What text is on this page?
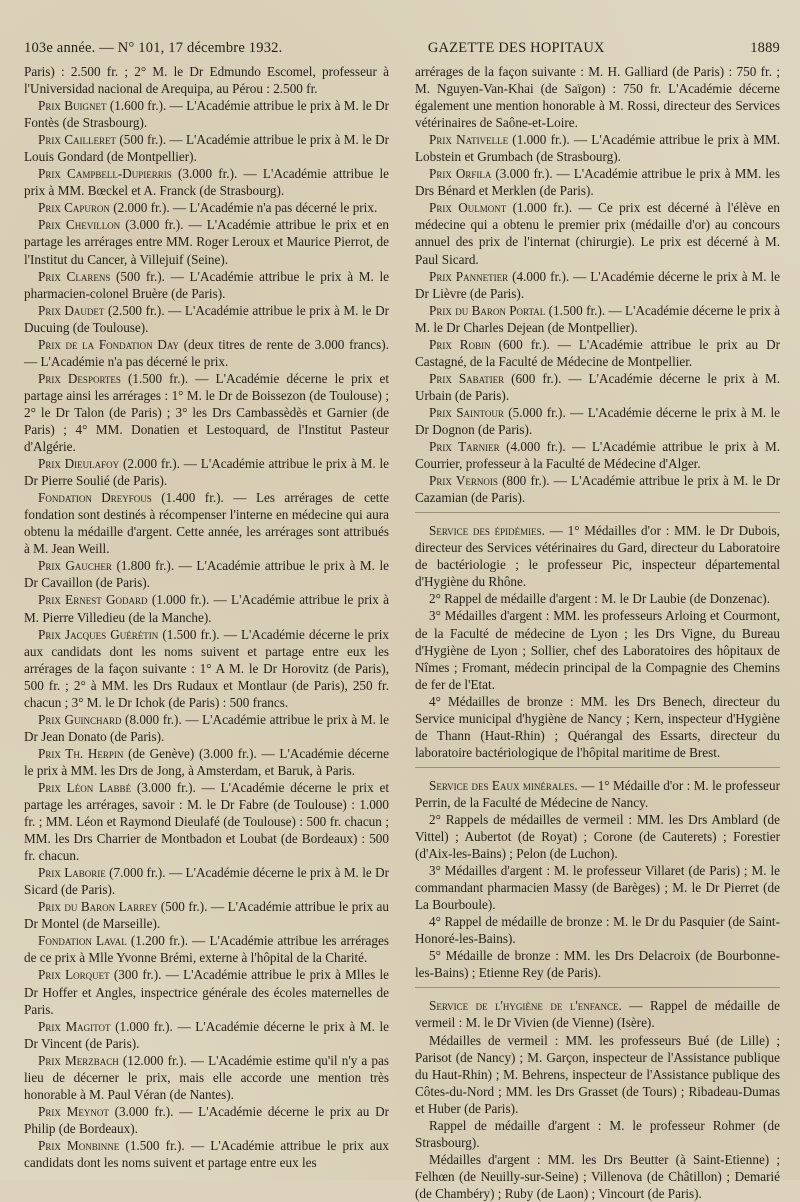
103e année. — N° 101, 17 décembre 1932.	GAZETTE DES HOPITAUX	1889

Paris) : 2.500 fr. ; 2° M. le Dr Edmundo Escomel, professeur à l'Universidad nacional de Arequipa, au Pérou : 2.500 fr.

Prix Buignet (1.600 fr.). — L'Académie attribue le prix à M. le Dr Fontès (de Strasbourg).

Prix Cailleret (500 fr.). — L'Académie attribue le prix à M. le Dr Louis Gondard (de Montpellier).

Prix Campbell-Dupierris (3.000 fr.). — L'Académie attribue le prix à MM. Bœckel et A. Franck (de Strasbourg).

Prix Capuron (2.000 fr.). — L'Académie n'a pas décerné le prix.

Prix Chevillon (3.000 fr.). — L'Académie attribue le prix et en partage les arrérages entre MM. Roger Leroux et Maurice Pierrot, de l'Institut du Cancer, à Villejuif (Seine).

Prix Clarens (500 fr.). — L'Académie attribue le prix à M. le pharmacien-colonel Bruère (de Paris).

Prix Daudet (2.500 fr.). — L'Académie attribue le prix à M. le Dr Ducuing (de Toulouse).

Prix de la Fondation Day (deux titres de rente de 3.000 francs). — L'Académie n'a pas décerné le prix.

Prix Desportes (1.500 fr.). — L'Académie décerne le prix et partage ainsi les arrérages : 1° M. le Dr de Boissezon (de Toulouse) ; 2° le Dr Talon (de Paris) ; 3° les Drs Cambassèdès et Garnier (de Paris) ; 4° MM. Donatien et Lestoquard, de l'Institut Pasteur d'Algérie.

Prix Dieulafoy (2.000 fr.). — L'Académie attribue le prix à M. le Dr Pierre Soulié (de Paris).

Fondation Dreyfous (1.400 fr.). — Les arrérages de cette fondation sont destinés à récompenser l'interne en médecine qui aura obtenu la médaille d'argent. Cette année, les arrérages sont attribués à M. Jean Weill.

Prix Gaucher (1.800 fr.). — L'Académie attribue le prix à M. le Dr Cavaillon (de Paris).

Prix Ernest Godard (1.000 fr.). — L'Académie attribue le prix à M. Pierre Villedieu (de la Manche).

Prix Jacques Guérétin (1.500 fr.). — L'Académie décerne le prix aux candidats dont les noms suivent et partage entre eux les arrérages de la façon suivante : 1° A M. le Dr Horovitz (de Paris), 500 fr. ; 2° à MM. les Drs Rudaux et Montlaur (de Paris), 250 fr. chacun ; 3° M. le Dr Ichok (de Paris) : 500 francs.

Prix Guinchard (8.000 fr.). — L'Académie attribue le prix à M. le Dr Jean Donato (de Paris).

Prix Th. Herpin (de Genève) (3.000 fr.). — L'Académie décerne le prix à MM. les Drs de Jong, à Amsterdam, et Baruk, à Paris.

Prix Léon Labbé (3.000 fr.). — L'Académie décerne le prix et partage les arrérages, savoir : M. le Dr Fabre (de Toulouse) : 1.000 fr. ; MM. Léon et Raymond Dieulafé (de Toulouse) : 500 fr. chacun ; MM. les Drs Charrier de Montbadon et Loubat (de Bordeaux) : 500 fr. chacun.

Prix Laborie (7.000 fr.). — L'Académie décerne le prix à M. le Dr Sicard (de Paris).

Prix du Baron Larrey (500 fr.). — L'Académie attribue le prix au Dr Montel (de Marseille).

Fondation Laval (1.200 fr.). — L'Académie attribue les arrérages de ce prix à Mlle Yvonne Brémi, externe à l'hôpital de la Charité.

Prix Lorquet (300 fr.). — L'Académie attribue le prix à Mlles le Dr Hoffer et Angles, inspectrice générale des écoles maternelles de Paris.

Prix Magitot (1.000 fr.). — L'Académie décerne le prix à M. le Dr Vincent (de Paris).

Prix Merzbach (12.000 fr.). — L'Académie estime qu'il n'y a pas lieu de décerner le prix, mais elle accorde une mention très honorable à M. Paul Véran (de Nantes).

Prix Meynot (3.000 fr.). — L'Académie décerne le prix au Dr Philip (de Bordeaux).

Prix Monbinne (1.500 fr.). — L'Académie attribue le prix aux candidats dont les noms suivent et partage entre eux les

arrérages de la façon suivante : M. H. Galliard (de Paris) : 750 fr. ; M. Nguyen-Van-Khai (de Saïgon) : 750 fr. L'Académie décerne également une mention honorable à M. Rossi, directeur des Services vétérinaires de Saône-et-Loire.

Prix Nativelle (1.000 fr.). — L'Académie attribue le prix à MM. Lobstein et Grumbach (de Strasbourg).

Prix Orfila (3.000 fr.). — L'Académie attribue le prix à MM. les Drs Bénard et Merklen (de Paris).

Prix Oulmont (1.000 fr.). — Ce prix est décerné à l'élève en médecine qui a obtenu le premier prix (médaille d'or) au concours annuel des prix de l'internat (chirurgie). Le prix est décerné à M. Paul Sicard.

Prix Pannetier (4.000 fr.). — L'Académie décerne le prix à M. le Dr Lièvre (de Paris).

Prix du Baron Portal (1.500 fr.). — L'Académie décerne le prix à M. le Dr Charles Dejean (de Montpellier).

Prix Robin (600 fr.). — L'Académie attribue le prix au Dr Castagné, de la Faculté de Médecine de Montpellier.

Prix Sabatier (600 fr.). — L'Académie décerne le prix à M. Urbain (de Paris).

Prix Saintour (5.000 fr.). — L'Académie décerne le prix à M. le Dr Dognon (de Paris).

Prix Tarnier (4.000 fr.). — L'Académie attribue le prix à M. Courrier, professeur à la Faculté de Médecine d'Alger.

Prix Vernois (800 fr.). — L'Académie attribue le prix à M. le Dr Cazamian (de Paris).

Service des épidémies. — 1° Médailles d'or : MM. le Dr Dubois, directeur des Services vétérinaires du Gard, directeur du Laboratoire de bactériologie ; le professeur Pic, inspecteur départemental d'Hygiène du Rhône.

2° Rappel de médaille d'argent : M. le Dr Laubie (de Donzenac).

3° Médailles d'argent : MM. les professeurs Arloing et Courmont, de la Faculté de médecine de Lyon ; les Drs Vigne, du Bureau d'Hygiène de Lyon ; Sollier, chef des Laboratoires des hôpitaux de Nîmes ; Fromant, médecin principal de la Compagnie des Chemins de fer de l'Etat.

4° Médailles de bronze : MM. les Drs Benech, directeur du Service municipal d'hygiène de Nancy ; Kern, inspecteur d'Hygiène de Thann (Haut-Rhin) ; Quérangal des Essarts, directeur du laboratoire bactériologique de l'hôpital maritime de Brest.

Service des Eaux minérales. — 1° Médaille d'or : M. le professeur Perrin, de la Faculté de Médecine de Nancy.

2° Rappels de médailles de vermeil : MM. les Drs Amblard (de Vittel) ; Aubertot (de Royat) ; Corone (de Cauterets) ; Forestier (d'Aix-les-Bains) ; Pelon (de Luchon).

3° Médailles d'argent : M. le professeur Villaret (de Paris) ; M. le commandant pharmacien Massy (de Barèges) ; M. le Dr Pierret (de La Bourboule).

4° Rappel de médaille de bronze : M. le Dr du Pasquier (de Saint-Honoré-les-Bains).

5° Médaille de bronze : MM. les Drs Delacroix (de Bourbonne-les-Bains) ; Etienne Rey (de Paris).

Service de l'hygiène de l'enfance. — Rappel de médaille de vermeil : M. le Dr Vivien (de Vienne) (Isère).

Médailles de vermeil : MM. les professeurs Bué (de Lille) ; Parisot (de Nancy) ; M. Garçon, inspecteur de l'Assistance publique du Haut-Rhin) ; M. Behrens, inspecteur de l'Assistance publique des Côtes-du-Nord ; MM. les Drs Grasset (de Tours) ; Ribadeau-Dumas et Huber (de Paris).

Rappel de médaille d'argent : M. le professeur Rohmer (de Strasbourg).

Médailles d'argent : MM. les Drs Beutter (à Saint-Etienne) ; Felhœn (de Neuilly-sur-Seine) ; Villenova (de Châtillon) ; Demarié (de Chambéry) ; Ruby (de Laon) ; Vincourt (de Paris).
